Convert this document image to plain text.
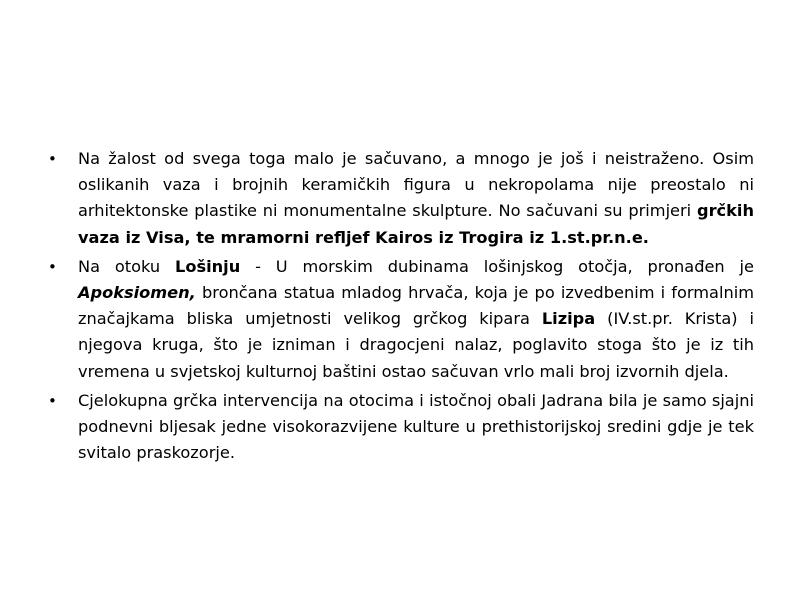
• Na žalost od svega toga malo je sačuvano, a mnogo je još i neistraženo. Osim oslikanih vaza i brojnih keramičkih figura u nekropolama nije preostalo ni arhitektonske plastike ni monumentalne skulpture. No sačuvani su primjeri grčkih vaza iz Visa, te mramorni refljef Kairos iz Trogira iz 1.st.pr.n.e.
• Na otoku Lošinju - U morskim dubinama lošinjskog otočja, pronađen je Apoksiomen, brončana statua mladog hrvača, koja je po izvedbenim i formalnim značajkama bliska umjetnosti velikog grčkog kipara Lizipa (IV.st.pr. Krista) i njegova kruga, što je izniman i dragocjeni nalaz, poglavito stoga što je iz tih vremena u svjetskoj kulturnoj baštini ostao sačuvan vrlo mali broj izvornih djela.
• Cjelokupna grčka intervencija na otocima i istočnoj obali Jadrana bila je samo sjajni podnevni bljesak jedne visokorazvijene kulture u prethistorijskoj sredini gdje je tek svitalo praskozorje.
